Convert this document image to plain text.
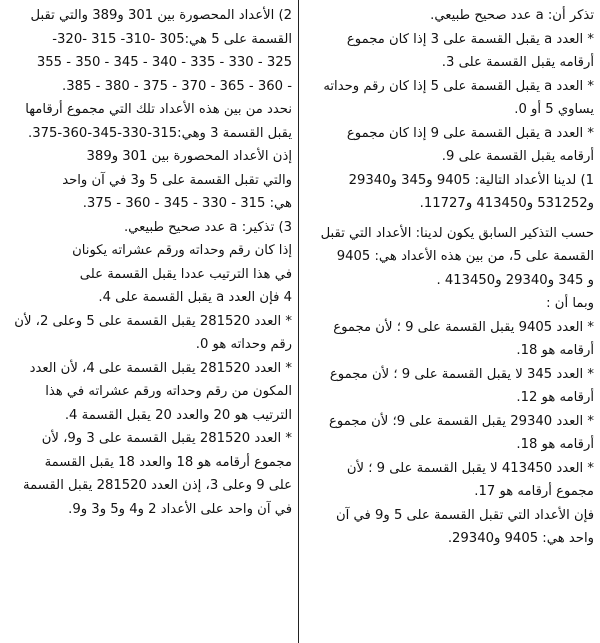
تذكر أن: a عدد صحيح طبيعي.
* العدد a يقبل القسمة على 3 إذا كان مجموع
أرقامه يقبل القسمة على 3.
* العدد a يقبل القسمة على 5 إذا كان رقم وحداته
يساوي 5 أو 0.
* العدد a يقبل القسمة على 9 إذا كان مجموع
أرقامه يقبل القسمة على 9.
1) لدينا الأعداد التالية: 9405 و345 و29340
و531252 و413450 و11727.
حسب التذكير السابق يكون لدينا: الأعداد التي تقبل
القسمة على 5، من بين هذه الأعداد هي: 9405
و 345 و29340 و413450 .
وبما أن :
* العدد 9405 يقبل القسمة على 9 ؛ لأن مجموع
أرقامه هو 18.
* العدد 345 لا يقبل القسمة على 9 ؛ لأن مجموع
أرقامه هو 12.
* العدد 29340 يقبل القسمة على 9؛ لأن مجموع
أرقامه هو 18.
* العدد 413450 لا يقبل القسمة على 9 ؛ لأن
مجموع أرقامه هو 17.
فإن الأعداد التي تقبل القسمة على 5 و9 في آن
واحد هي: 9405 و29340.
2) الأعداد المحصورة بين 301 و389 والتي تقبل
القسمة على 5 هي:305 -310- 315 -320-
325 - 330 - 335 - 340 - 345 - 350 - 355
- 360 - 365 - 370 - 375 - 380 - 385.
نحدد من بين هذه الأعداد تلك التي مجموع أرقامها
يقبل القسمة 3 وهي:315-330-345-360-375.
إذن الأعداد المحصورة بين 301 و389
والتي تقبل القسمة على 5 و3 في آن واحد
هي: 315 - 330 - 345 - 360 - 375.
3) تذكير: a عدد صحيح طبيعي.
إذا كان رقم وحداته ورقم عشراته يكونان
في هذا الترتيب عددا يقبل القسمة على
4 فإن العدد a يقبل القسمة على 4.
* العدد 281520 يقبل القسمة على 5 وعلى 2، لأن
رقم وحداته هو 0.
* العدد 281520 يقبل القسمة على 4، لأن العدد
المكون من رقم وحداته ورقم عشراته في هذا
الترتيب هو 20 والعدد 20 يقبل القسمة 4.
* العدد 281520 يقبل القسمة على 3 و9، لأن
مجموع أرقامه هو 18 والعدد 18 يقبل القسمة
على 9 وعلى 3، إذن العدد 281520 يقبل القسمة
في آن واحد على الأعداد 2 و4 و5 و3 و9.
